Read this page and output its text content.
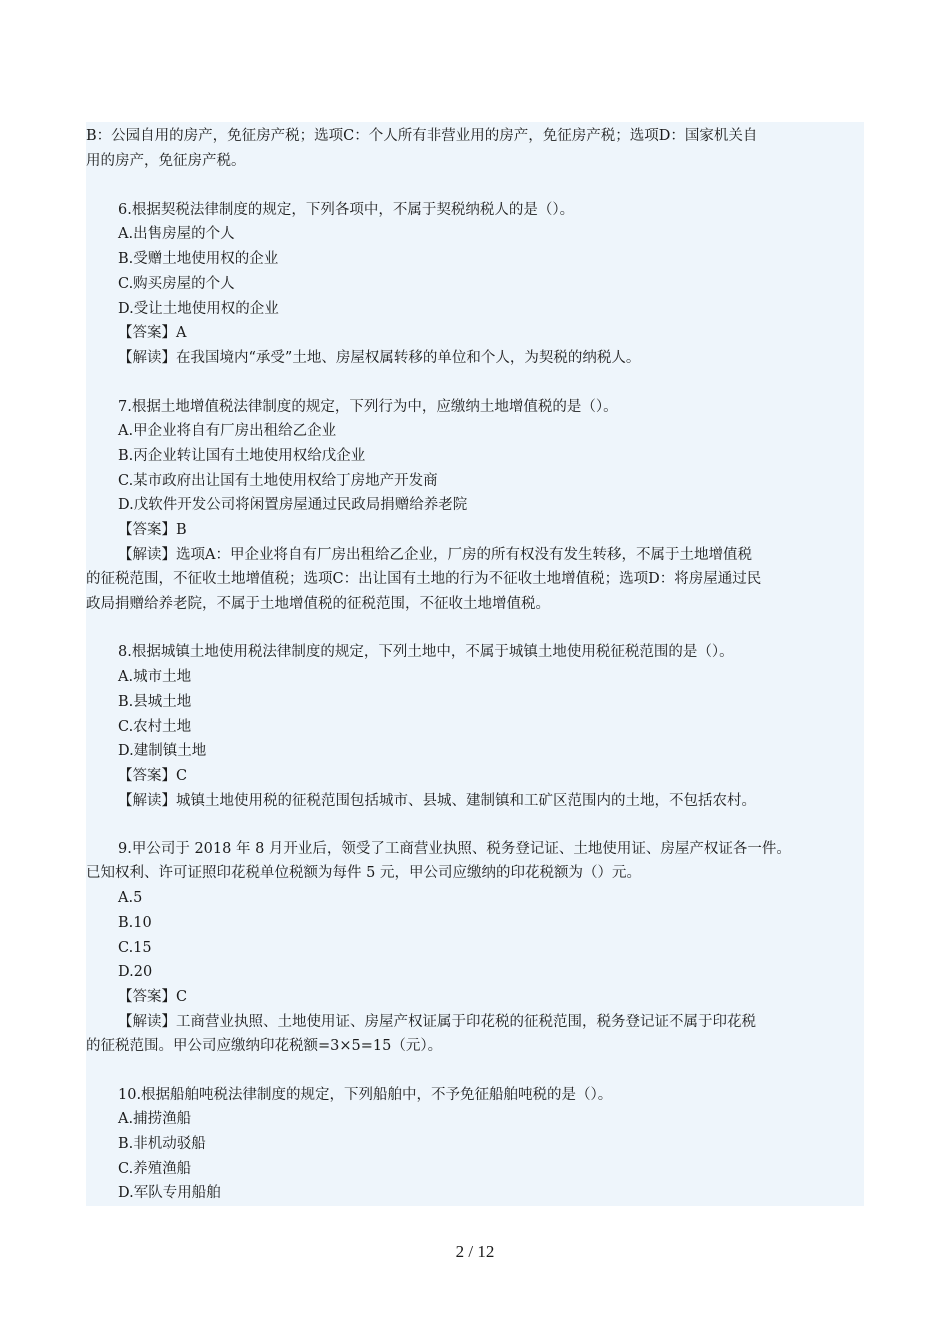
B：公园自用的房产，免征房产税；选项C：个人所有非营业用的房产，免征房产税；选项D：国家机关自
用的房产，免征房产税。
6.根据契税法律制度的规定，下列各项中，不属于契税纳税人的是（）。
A.出售房屋的个人
B.受赠土地使用权的企业
C.购买房屋的个人
D.受让土地使用权的企业
【答案】A
【解读】在我国境内“承受”土地、房屋权属转移的单位和个人，为契税的纳税人。
7.根据土地增值税法律制度的规定，下列行为中，应缴纳土地增值税的是（）。
A.甲企业将自有厂房出租给乙企业
B.丙企业转让国有土地使用权给戊企业
C.某市政府出让国有土地使用权给丁房地产开发商
D.戊软件开发公司将闲置房屋通过民政局捐赠给养老院
【答案】B
【解读】选项A：甲企业将自有厂房出租给乙企业，厂房的所有权没有发生转移，不属于土地增值税
的征税范围，不征收土地增值税；选项C：出让国有土地的行为不征收土地增值税；选项D：将房屋通过民
政局捐赠给养老院，不属于土地增值税的征税范围，不征收土地增值税。
8.根据城镇土地使用税法律制度的规定，下列土地中，不属于城镇土地使用税征税范围的是（）。
A.城市土地
B.县城土地
C.农村土地
D.建制镇土地
【答案】C
【解读】城镇土地使用税的征税范围包括城市、县城、建制镇和工矿区范围内的土地，不包括农村。
9.甲公司于 2018 年 8 月开业后，领受了工商营业执照、税务登记证、土地使用证、房屋产权证各一件。
已知权利、许可证照印花税单位税额为每件 5 元，甲公司应缴纳的印花税额为（）元。
A.5
B.10
C.15
D.20
【答案】C
【解读】工商营业执照、土地使用证、房屋产权证属于印花税的征税范围，税务登记证不属于印花税
的征税范围。甲公司应缴纳印花税额=3×5=15（元）。
10.根据船舶吨税法律制度的规定，下列船舶中，不予免征船舶吨税的是（）。
A.捕捞渔船
B.非机动驳船
C.养殖渔船
D.军队专用船舶
2 / 12
